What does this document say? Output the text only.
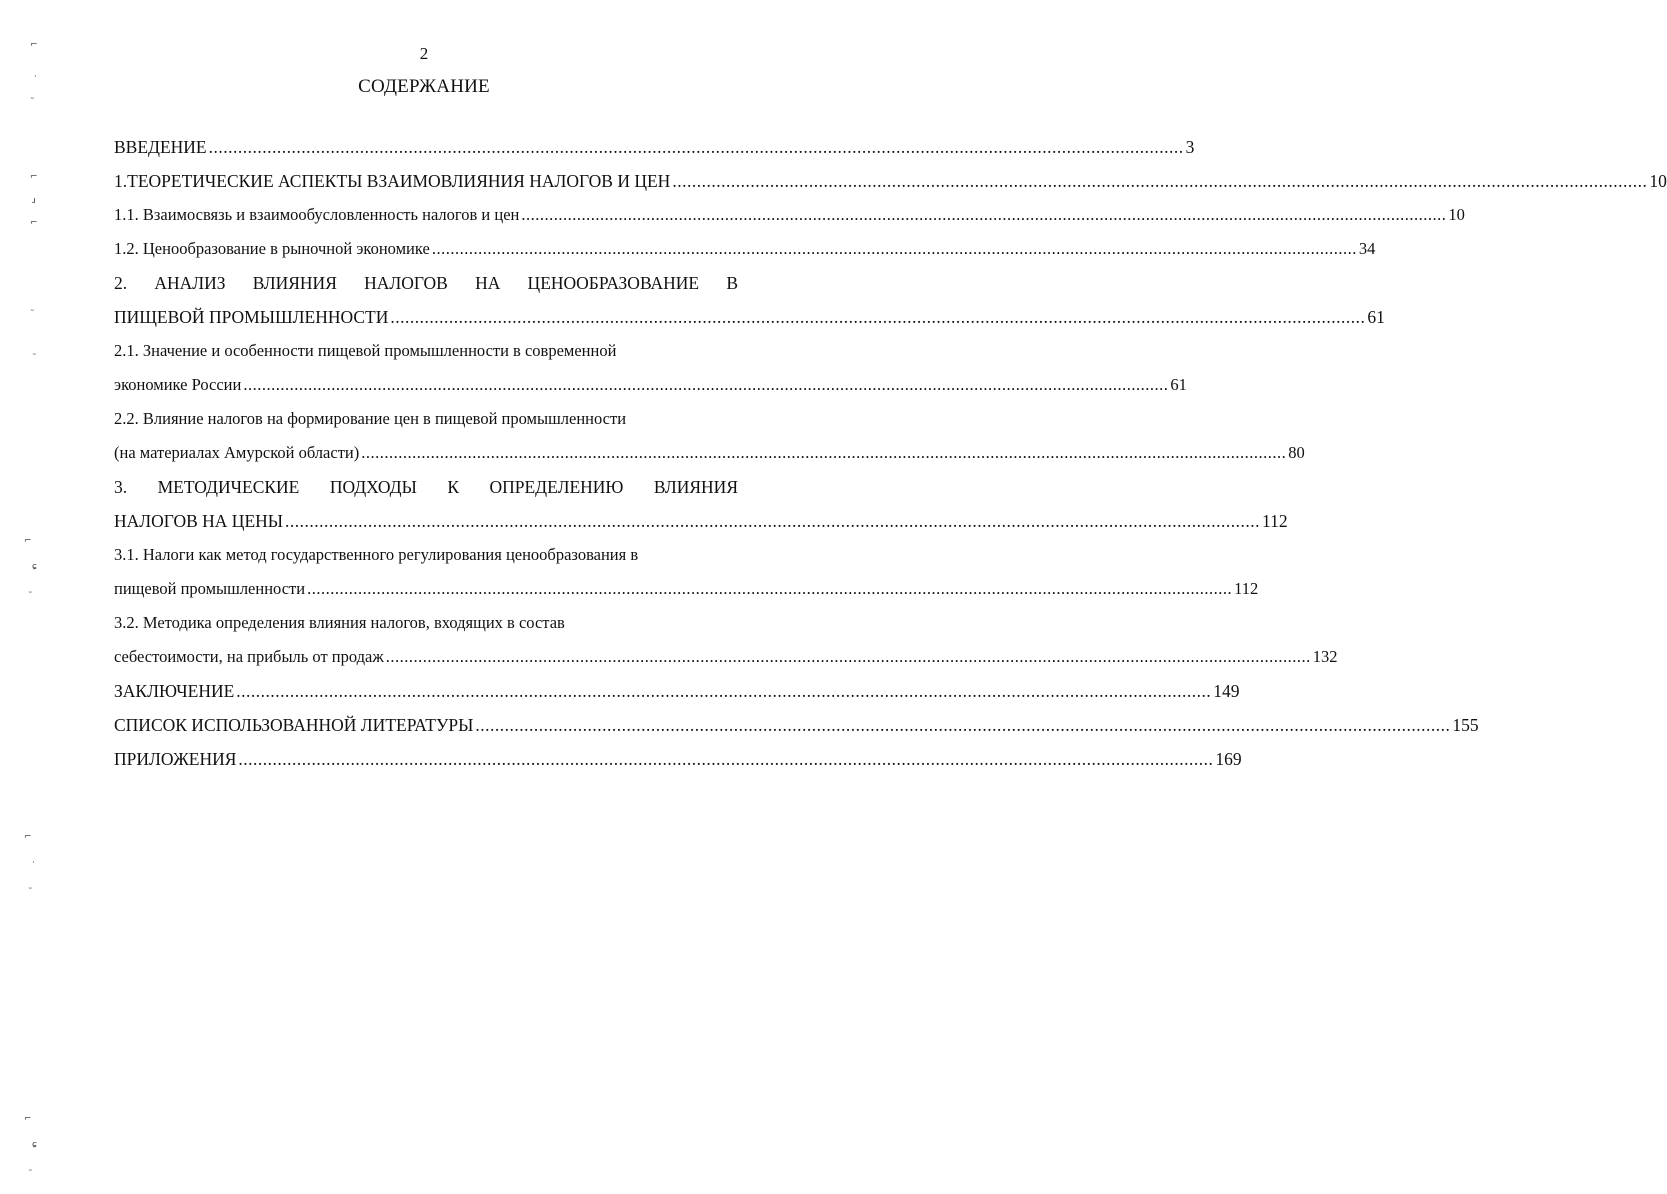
⌐
·
˷
⌐
ɹ
⌐
˷
˷
⌐
ɕ
˷
⌐
·
˷
⌐
ɕ
˷
2
СОДЕРЖАНИЕ
ВВЕДЕНИЕ .....	3
1.ТЕОРЕТИЧЕСКИЕ АСПЕКТЫ ВЗАИМОВЛИЯНИЯ НАЛОГОВ И ЦЕН .....	10
1.1. Взаимосвязь и взаимообусловленность налогов и цен .....	10
1.2. Ценообразование в рыночной экономике .....	34
2. АНАЛИЗ ВЛИЯНИЯ НАЛОГОВ НА ЦЕНООБРАЗОВАНИЕ В
ПИЩЕВОЙ ПРОМЫШЛЕННОСТИ .....	61
2.1. Значение и особенности пищевой промышленности в современной
экономике России .....	61
2.2. Влияние налогов на формирование цен в пищевой промышленности
(на материалах Амурской области) .....	80
3. МЕТОДИЧЕСКИЕ ПОДХОДЫ К ОПРЕДЕЛЕНИЮ ВЛИЯНИЯ
НАЛОГОВ НА ЦЕНЫ .....	112
3.1. Налоги как метод государственного регулирования ценообразования в
пищевой промышленности .....	112
3.2. Методика определения влияния налогов, входящих в состав
себестоимости, на прибыль от продаж .....	132
ЗАКЛЮЧЕНИЕ .....	149
СПИСОК ИСПОЛЬЗОВАННОЙ ЛИТЕРАТУРЫ .....	155
ПРИЛОЖЕНИЯ .....	169
